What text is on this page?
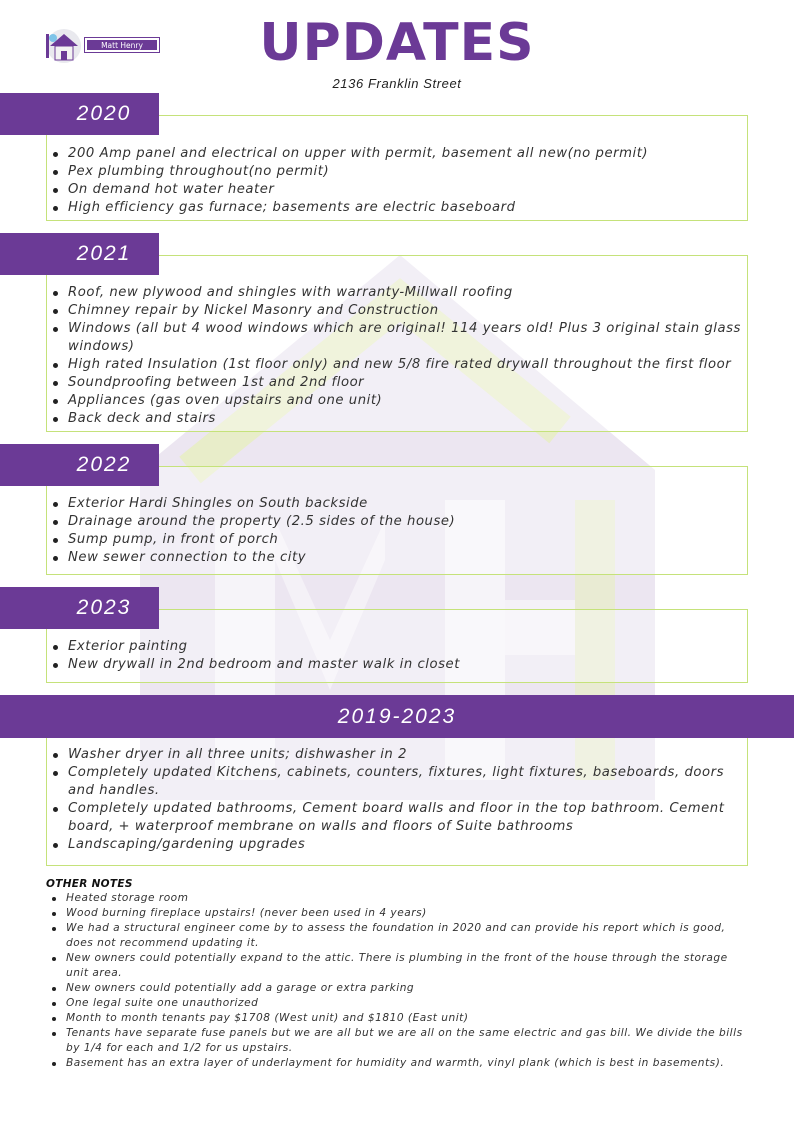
Matt Henry	UPDATES
2136 Franklin Street
200 Amp panel and electrical on upper with permit, basement all new(no permit)
Pex plumbing throughout(no permit)
On demand hot water heater
High efficiency gas furnace; basements are electric baseboard
2020
Roof, new plywood and shingles with warranty-Millwall roofing
Chimney repair by Nickel Masonry and Construction
Windows (all but 4 wood windows which are original! 114 years old! Plus 3 original stain glass windows)
High rated Insulation (1st floor only) and new 5/8 fire rated drywall throughout the first floor
Soundproofing between 1st and 2nd floor
Appliances (gas oven upstairs and one unit)
Back deck and stairs
2021
Exterior Hardi Shingles on South backside
Drainage around the property (2.5 sides of the house)
Sump pump, in front of porch
New sewer connection to the city
2022
Exterior painting
New drywall in 2nd bedroom and master walk in closet
2023
Washer dryer in all three units; dishwasher in 2
Completely updated Kitchens, cabinets, counters, fixtures, light fixtures, baseboards, doors and handles.
Completely updated bathrooms, Cement board walls and floor in the top bathroom. Cement board, + waterproof membrane on walls and floors of Suite bathrooms
Landscaping/gardening upgrades
2019-2023
OTHER NOTES
Heated storage room
Wood burning fireplace upstairs! (never been used in 4 years)
We had a structural engineer come by to assess the foundation in 2020 and can provide his report which is good, does not recommend updating it.
New owners could potentially expand to the attic. There is plumbing in the front of the house through the storage unit area.
New owners could potentially add a garage or extra parking
One legal suite one unauthorized
Month to month tenants pay $1708 (West unit) and $1810 (East unit)
Tenants have separate fuse panels but we are all but we are all on the same electric and gas bill. We divide the bills by 1/4 for each and 1/2 for us upstairs.
Basement has an extra layer of underlayment for humidity and warmth, vinyl plank (which is best in basements).
